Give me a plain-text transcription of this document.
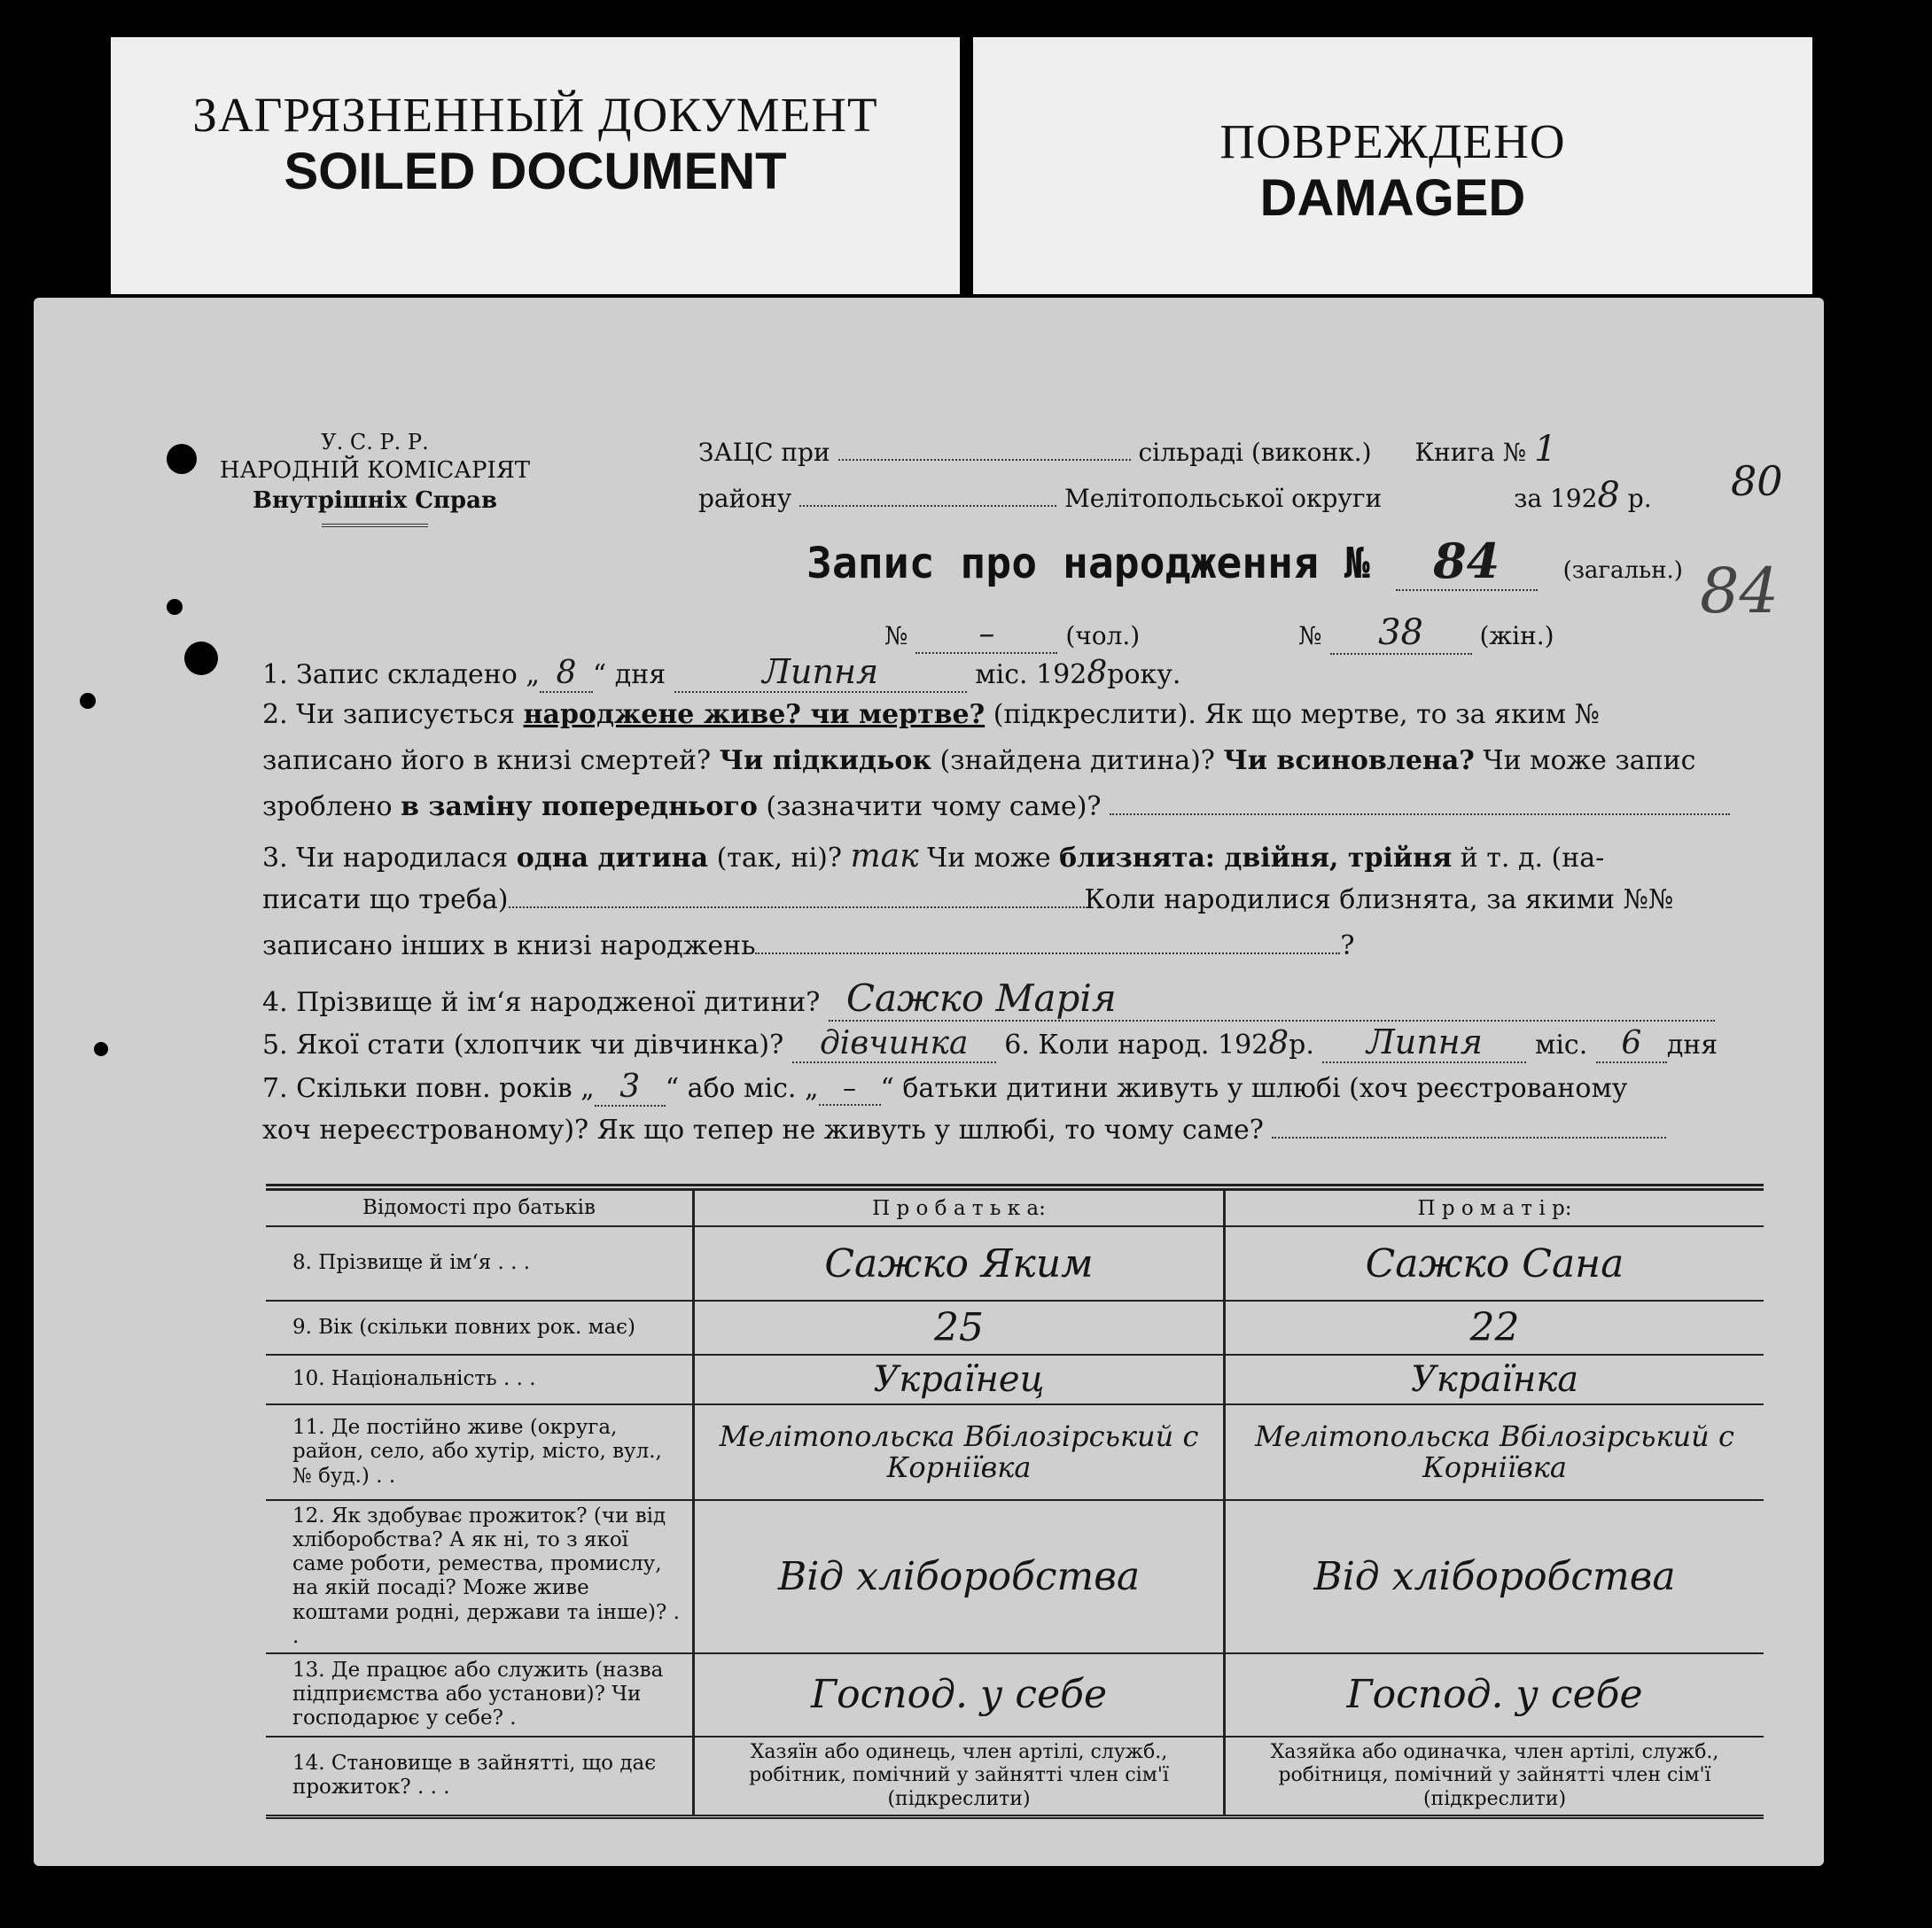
ЗАГРЯЗНЕННЫЙ ДОКУМЕНТ
SOILED DOCUMENT
ПОВРЕЖДЕНО
DAMAGED
У. С. Р. Р.
НАРОДНІЙ КОМІСАРІЯТ
Внутрішніх Справ
ЗАЦС при	сільраді (виконк.) Книга № 1
району	Мелітопольської округи	за 1928 р. 80
84
Запис про народження № 84	(загальн.)
№ –	(чол.)	№ 38 (жін.)
1. Запис складено „ 8 “ дня	Липня	міс. 1928року.
2. Чи записується народжене живе? чи мертве? (підкреслити). Як що мертве, то за яким №
записано його в книзі смертей? Чи підкидьок (знайдена дитина)? Чи всиновлена? Чи може запис
зроблено в заміну попереднього (зазначити чому саме)?
3. Чи народилася одна дитина (так, ні)? так Чи може близнята: двійня, трійня й т. д. (на-
писати що треба)	Коли народилися близнята, за якими №№
записано інших в книзі народжень	?
4. Прізвище й ім‘я народженої дитини? Сажко Марія
5. Якої стати (хлопчик чи дівчинка)? дівчинка 6. Коли народ. 1928р. Липня міс. 6 дня
7. Скільки повн. років „ 3 “ або міс. „ – “ батьки дитини живуть у шлюбі (хоч реєстрованому
хоч нереєстрованому)? Як що тепер не живуть у шлюбі, то чому саме?
Відомості про батьків	П р о б а т ь к а:	П р о м а т і р:
8. Прізвище й ім‘я . . .	Сажко Яким	Сажко Сана
9. Вік (скільки повних рок. має)	25	22
10. Національність . . .	Українец	Українка
11. Де постійно живе (округа, район, село, або хутір, місто, вул., № буд.) . .	Мелітопольска Вбілозірський с Корніївка	Мелітопольска Вбілозірський с Корніївка
12. Як здобуває прожиток? (чи від хліборобства? А як ні, то з якої саме роботи, ремества, промислу, на якій посаді? Може живе коштами родні, держави та інше)? . .	Від хліборобства	Від хліборобства
13. Де працює або служить (назва підприємства або установи)? Чи господарює у себе? .	Господ. у себе	Господ. у себе
14. Становище в зайнятті, що дає прожиток? . . .	Хазяїн або одинець, член артілі, служб., робітник, помічний у зайнятті член сім'ї (підкреслити)	Хазяйка або одиначка, член артілі, служб., робітниця, помічний у зайнятті член сім'ї (підкреслити)
